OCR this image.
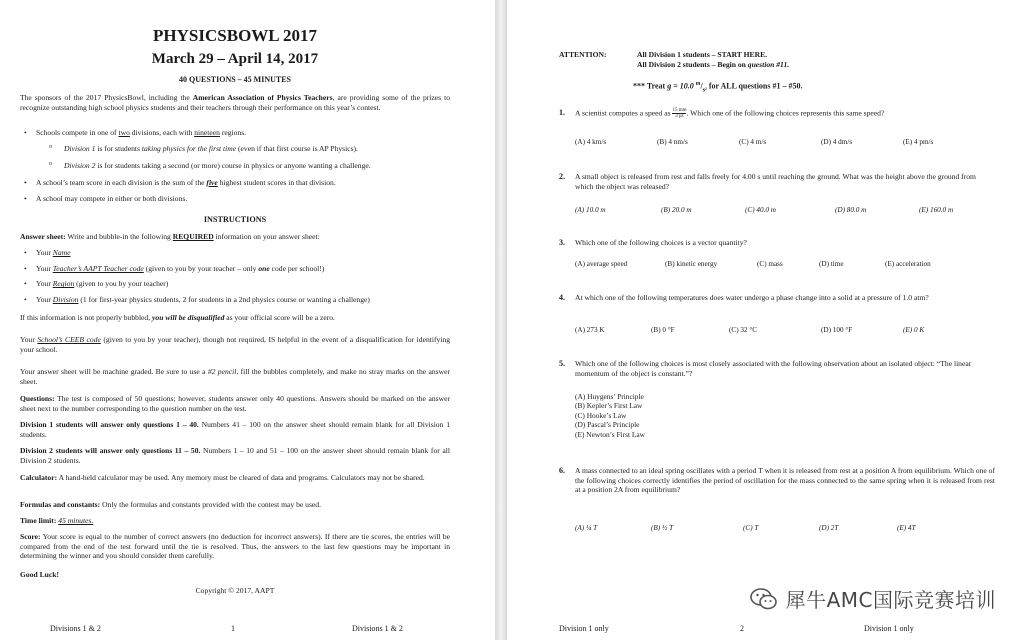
PHYSICSBOWL 2017
March 29 – April 14, 2017
40 QUESTIONS – 45 MINUTES
The sponsors of the 2017 PhysicsBowl, including the American Association of Physics Teachers, are providing some of the prizes to recognize outstanding high school physics students and their teachers through their performance on this year’s contest.
• Schools compete in one of two divisions, each with nineteen regions.
o Division 1 is for students taking physics for the first time (even if that first course is AP Physics).
o Division 2 is for students taking a second (or more) course in physics or anyone wanting a challenge.
• A school’s team score in each division is the sum of the five highest student scores in that division.
• A school may compete in either or both divisions.
INSTRUCTIONS
Answer sheet: Write and bubble-in the following REQUIRED information on your answer sheet:
• Your Name
• Your Teacher’s AAPT Teacher code (given to you by your teacher – only one code per school!)
• Your Region (given to you by your teacher)
• Your Division (1 for first-year physics students, 2 for students in a 2nd physics course or wanting a challenge)
If this information is not properly bubbled, you will be disqualified as your official score will be a zero.
Your School’s CEEB code (given to you by your teacher), though not required, IS helpful in the event of a disqualification for identifying your school.
Your answer sheet will be machine graded. Be sure to use a #2 pencil, fill the bubbles completely, and make no stray marks on the answer sheet.
Questions: The test is composed of 50 questions; however, students answer only 40 questions. Answers should be marked on the answer sheet next to the number corresponding to the question number on the test.
Division 1 students will answer only questions 1 – 40. Numbers 41 – 100 on the answer sheet should remain blank for all Division 1 students.
Division 2 students will answer only questions 11 – 50. Numbers 1 – 10 and 51 – 100 on the answer sheet should remain blank for all Division 2 students.
Calculator: A hand-held calculator may be used. Any memory must be cleared of data and programs. Calculators may not be shared.
Formulas and constants: Only the formulas and constants provided with the contest may be used.
Time limit: 45 minutes.
Score: Your score is equal to the number of correct answers (no deduction for incorrect answers). If there are tie scores, the entries will be compared from the end of the test forward until the tie is resolved. Thus, the answers to the last few questions may be important in determining the winner and you should consider them carefully.
Good Luck!
Copyright © 2017, AAPT
Divisions 1 & 2	1	Divisions 1 & 2
ATTENTION:	All Division 1 students – START HERE.
All Division 2 students – Begin on question #11.
*** Treat g = 10.0 $^m/_{s^2}$ for ALL questions #1 – #50.
1. A scientist computes a speed as $\frac{15 mm}{3 \mu s}$ . Which one of the following choices represents this same speed?
(A) 4 km/s	(B) 4 nm/s	(C) 4 m/s	(D) 4 dm/s	(E) 4 pm/s
2. A small object is released from rest and falls freely for 4.00 s until reaching the ground. What was the height above the ground from which the object was released?
(A) 10.0 m	(B) 20.0 m	(C) 40.0 m	(D) 80.0 m	(E) 160.0 m
3. Which one of the following choices is a vector quantity?
(A) average speed	(B) kinetic energy	(C) mass	(D) time	(E) acceleration
4. At which one of the following temperatures does water undergo a phase change into a solid at a pressure of 1.0 atm?
(A) 273 K	(B) 0 °F	(C) 32 °C	(D) 100 °F	(E) 0 K
5. Which one of the following choices is most closely associated with the following observation about an isolated object: “The linear momentum of the object is constant.”?
(A) Huygens’ Principle
(B) Kepler’s First Law
(C) Hooke’s Law
(D) Pascal’s Principle
(E) Newton’s First Law
6. A mass connected to an ideal spring oscillates with a period T when it is released from rest at a position A from equilibrium. Which one of the following choices correctly identifies the period of oscillation for the mass connected to the same spring when it is released from rest at a position 2A from equilibrium?
(A) ¼ T	(B) ½ T	(C) T	(D) 2T	(E) 4T
Division 1 only	2	Division 1 only
犀牛AMC国际竞赛培训
